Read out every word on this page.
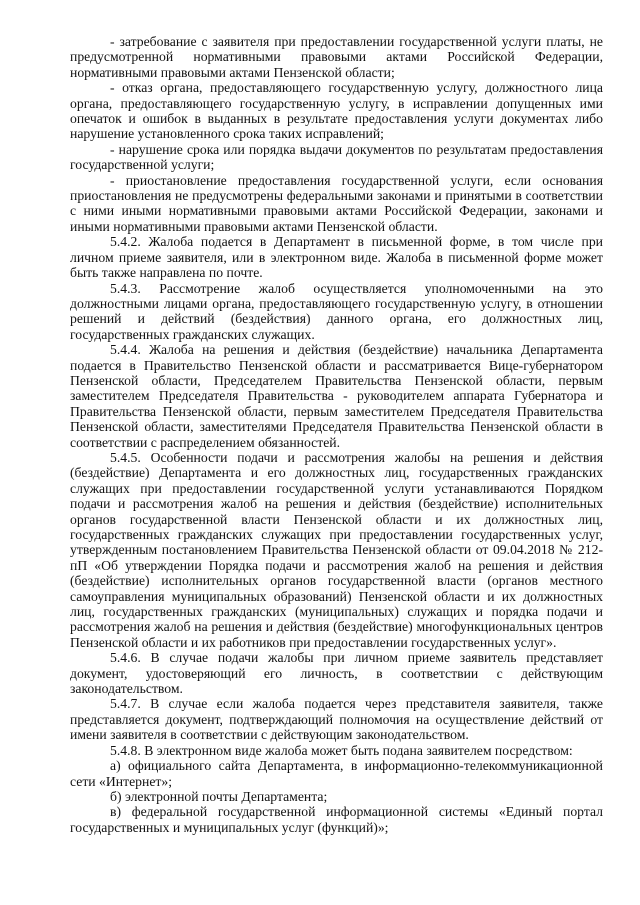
- затребование с заявителя при предоставлении государственной услуги платы, не предусмотренной нормативными правовыми актами Российской Федерации, нормативными правовыми актами Пензенской области;

- отказ органа, предоставляющего государственную услугу, должностного лица органа, предоставляющего государственную услугу, в исправлении допущенных ими опечаток и ошибок в выданных в результате предоставления услуги документах либо нарушение установленного срока таких исправлений;

- нарушение срока или порядка выдачи документов по результатам предоставления государственной услуги;

- приостановление предоставления государственной услуги, если основания приостановления не предусмотрены федеральными законами и принятыми в соответствии с ними иными нормативными правовыми актами Российской Федерации, законами и иными нормативными правовыми актами Пензенской области.

5.4.2. Жалоба подается в Департамент в письменной форме, в том числе при личном приеме заявителя, или в электронном виде. Жалоба в письменной форме может быть также направлена по почте.

5.4.3. Рассмотрение жалоб осуществляется уполномоченными на это должностными лицами органа, предоставляющего государственную услугу, в отношении решений и действий (бездействия) данного органа, его должностных лиц, государственных гражданских служащих.

5.4.4. Жалоба на решения и действия (бездействие) начальника Департамента подается в Правительство Пензенской области и рассматривается Вице-губернатором Пензенской области, Председателем Правительства Пензенской области, первым заместителем Председателя Правительства - руководителем аппарата Губернатора и Правительства Пензенской области, первым заместителем Председателя Правительства Пензенской области, заместителями Председателя Правительства Пензенской области в соответствии с распределением обязанностей.

5.4.5. Особенности подачи и рассмотрения жалобы на решения и действия (бездействие) Департамента и его должностных лиц, государственных гражданских служащих при предоставлении государственной услуги устанавливаются Порядком подачи и рассмотрения жалоб на решения и действия (бездействие) исполнительных органов государственной власти Пензенской области и их должностных лиц, государственных гражданских служащих при предоставлении государственных услуг, утвержденным постановлением Правительства Пензенской области от 09.04.2018 № 212-пП «Об утверждении Порядка подачи и рассмотрения жалоб на решения и действия (бездействие) исполнительных органов государственной власти (органов местного самоуправления муниципальных образований) Пензенской области и их должностных лиц, государственных гражданских (муниципальных) служащих и порядка подачи и рассмотрения жалоб на решения и действия (бездействие) многофункциональных центров Пензенской области и их работников при предоставлении государственных услуг».

5.4.6. В случае подачи жалобы при личном приеме заявитель представляет документ, удостоверяющий его личность, в соответствии с действующим законодательством.

5.4.7. В случае если жалоба подается через представителя заявителя, также представляется документ, подтверждающий полномочия на осуществление действий от имени заявителя в соответствии с действующим законодательством.

5.4.8. В электронном виде жалоба может быть подана заявителем посредством:

а) официального сайта Департамента, в информационно-телекоммуникационной сети «Интернет»;

б) электронной почты Департамента;

в) федеральной государственной информационной системы «Единый портал государственных и муниципальных услуг (функций)»;
